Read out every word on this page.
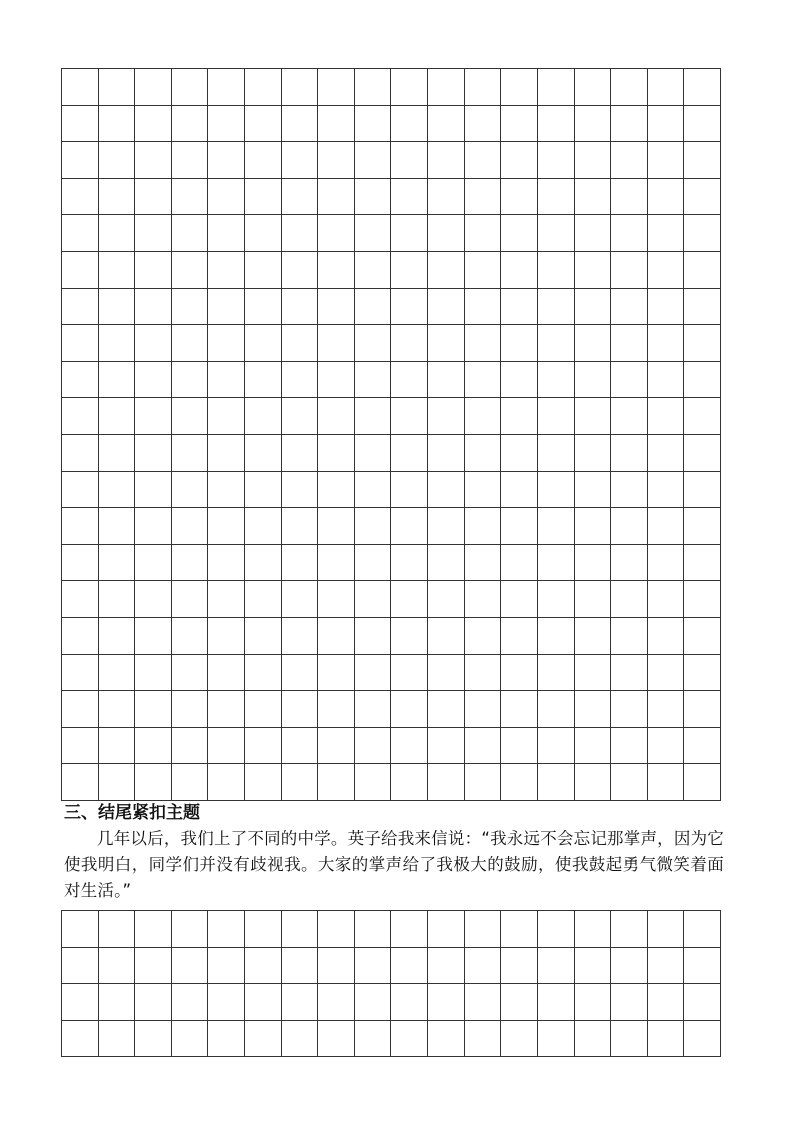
三、结尾紧扣主题

几年以后，我们上了不同的中学。英子给我来信说：“我永远不会忘记那掌声，因为它使我明白，同学们并没有歧视我。大家的掌声给了我极大的鼓励，使我鼓起勇气微笑着面对生活。”
